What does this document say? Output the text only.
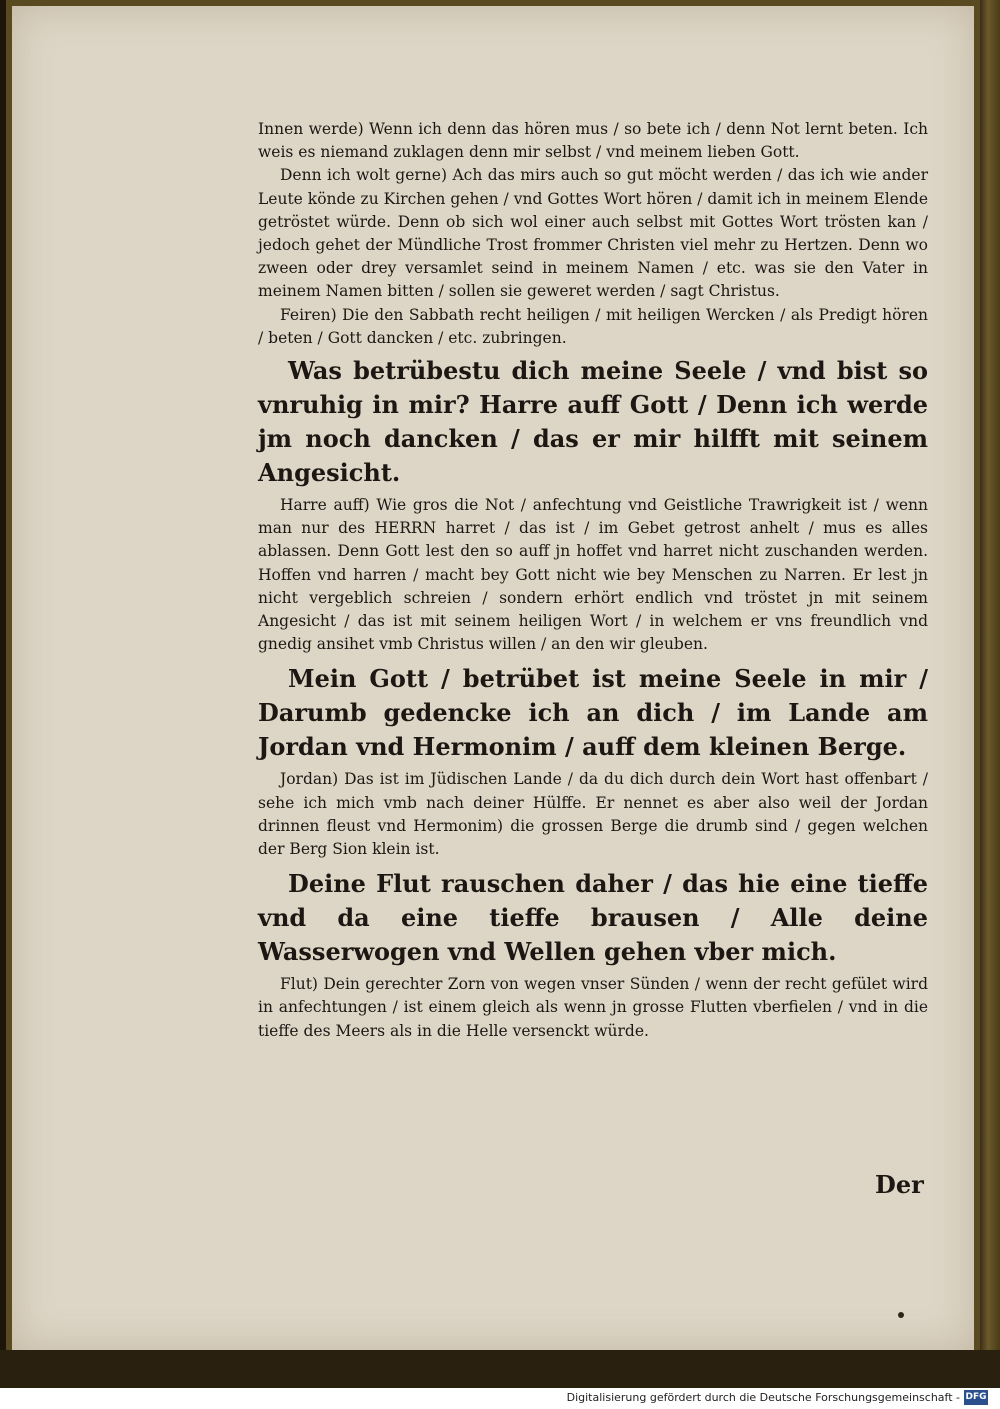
Innen werde) Wenn ich denn das hören mus / so bete ich / denn Not lernt beten. Ich weis es niemand zuklagen denn mir selbst / vnd meinem lieben Gott.

Denn ich wolt gerne) Ach das mirs auch so gut möcht werden / das ich wie ander Leute könde zu Kirchen gehen / vnd Gottes Wort hören / damit ich in meinem Elende getröstet würde. Denn ob sich wol einer auch selbst mit Gottes Wort trösten kan / jedoch gehet der Mündliche Trost frommer Christen viel mehr zu Hertzen. Denn wo zween oder drey versamlet seind in meinem Namen / etc. was sie den Vater in meinem Namen bitten / sollen sie geweret werden / sagt Christus.

Feiren) Die den Sabbath recht heiligen / mit heiligen Wercken / als Predigt hören / beten / Gott dancken / etc. zubringen.

Was betrübestu dich meine Seele / vnd bist so vnruhig in mir? Harre auff Gott / Denn ich werde jm noch dancken / das er mir hilfft mit seinem Angesicht.

Harre auff) Wie gros die Not / anfechtung vnd Geistliche Trawrigkeit ist / wenn man nur des HERRN harret / das ist / im Gebet getrost anhelt / mus es alles ablassen. Denn Gott lest den so auff jn hoffet vnd harret nicht zuschanden werden. Hoffen vnd harren / macht bey Gott nicht wie bey Menschen zu Narren. Er lest jn nicht vergeblich schreien / sondern erhört endlich vnd tröstet jn mit seinem Angesicht / das ist mit seinem heiligen Wort / in welchem er vns freundlich vnd gnedig ansihet vmb Christus willen / an den wir gleuben.

Mein Gott / betrübet ist meine Seele in mir / Darumb gedencke ich an dich / im Lande am Jordan vnd Hermonim / auff dem kleinen Berge.

Jordan) Das ist im Jüdischen Lande / da du dich durch dein Wort hast offenbart / sehe ich mich vmb nach deiner Hülffe. Er nennet es aber also weil der Jordan drinnen fleust vnd Hermonim) die grossen Berge die drumb sind / gegen welchen der Berg Sion klein ist.

Deine Flut rauschen daher / das hie eine tieffe vnd da eine tieffe brausen / Alle deine Wasserwogen vnd Wellen gehen vber mich.

Flut) Dein gerechter Zorn von wegen vnser Sünden / wenn der recht gefület wird in anfechtungen / ist einem gleich als wenn jn grosse Flutten vberfielen / vnd in die tieffe des Meers als in die Helle versenckt würde.

Der
Digitalisierung gefördert durch die Deutsche Forschungsgemeinschaft - DFG
